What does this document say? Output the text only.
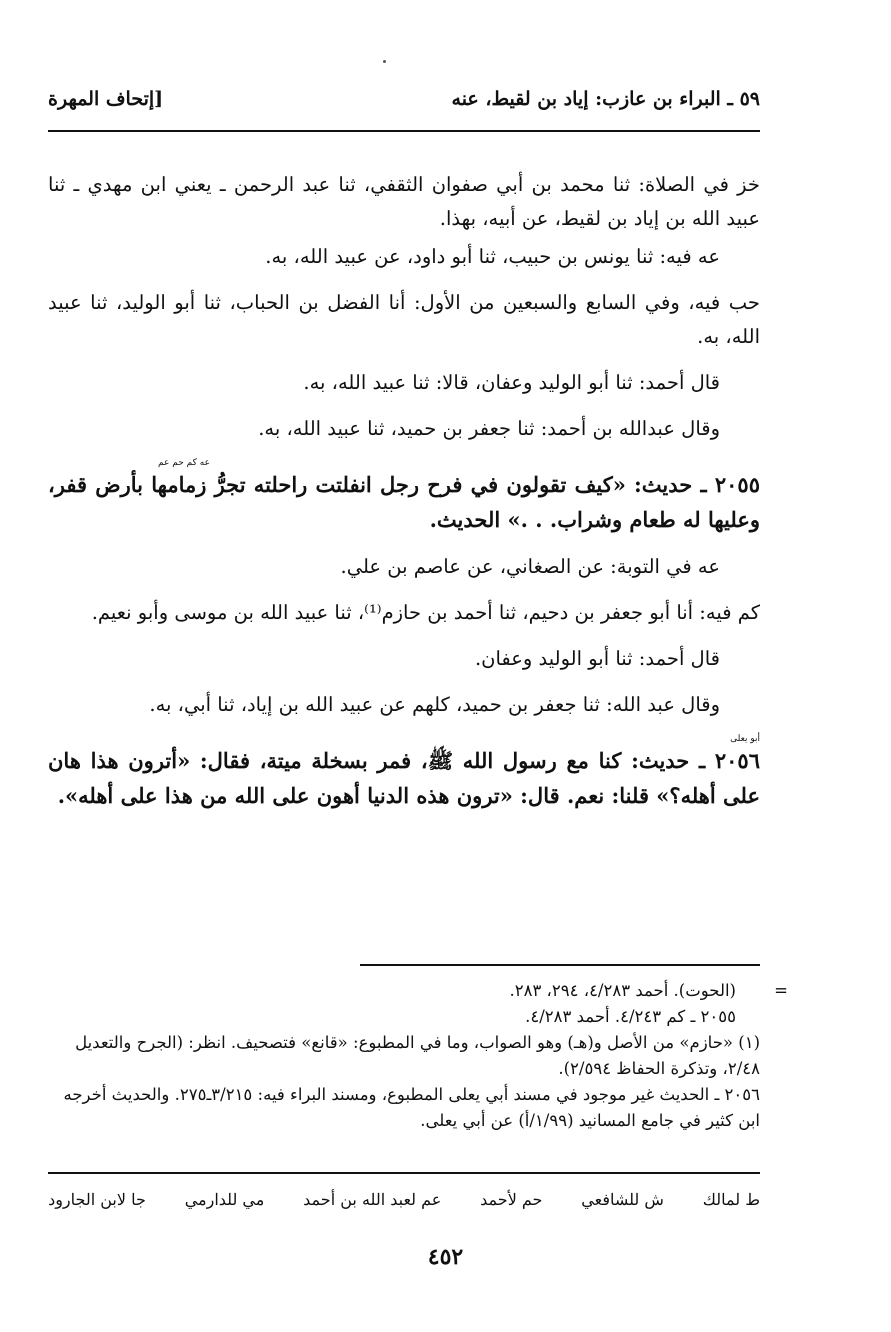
٥٩ ـ البراء بن عازب: إياد بن لقيط، عنه
[إتحاف المهرة

خز في الصلاة: ثنا محمد بن أبي صفوان الثقفي، ثنا عبد الرحمن ـ يعني ابن مهدي ـ ثنا عبيد الله بن إياد بن لقيط، عن أبيه، بهذا.

عه فيه: ثنا يونس بن حبيب، ثنا أبو داود، عن عبيد الله، به.

حب فيه، وفي السابع والسبعين من الأول: أنا الفضل بن الحباب، ثنا أبو الوليد، ثنا عبيد الله، به.

قال أحمد: ثنا أبو الوليد وعفان، قالا: ثنا عبيد الله، به.

وقال عبدالله بن أحمد: ثنا جعفر بن حميد، ثنا عبيد الله، به.

عه كم حم عم
٢٠٥٥ ـ حديث: «كيف تقولون في فرح رجل انفلتت راحلته تجرُّ زمامها بأرض قفر، وعليها له طعام وشراب. . .» الحديث.

عه في التوبة: عن الصغاني، عن عاصم بن علي.

كم فيه: أنا أبو جعفر بن دحيم، ثنا أحمد بن حازم⁽¹⁾، ثنا عبيد الله بن موسى وأبو نعيم.

قال أحمد: ثنا أبو الوليد وعفان.

وقال عبد الله: ثنا جعفر بن حميد، كلهم عن عبيد الله بن إياد، ثنا أبي، به.

أبو يعلى
٢٠٥٦ ـ حديث: كنا مع رسول الله ﷺ، فمر بسخلة ميتة، فقال: «أترون هذا هان على أهله؟» قلنا: نعم. قال: «ترون هذه الدنيا أهون على الله من هذا على أهله».
=
(الحوت). أحمد ٤/٢٨٣، ٢٩٤، ٢٨٣.

٢٠٥٥ ـ كم ٤/٢٤٣. أحمد ٤/٢٨٣.

(١) «حازم» من الأصل و(هـ) وهو الصواب، وما في المطبوع: «قانع» فتصحيف. انظر: (الجرح والتعديل ٢/٤٨، وتذكرة الحفاظ ٢/٥٩٤).

٢٠٥٦ ـ الحديث غير موجود في مسند أبي يعلى المطبوع، ومسند البراء فيه: ٣/٢١٥ـ٢٧٥. والحديث أخرجه ابن كثير في جامع المسانيد (١/٩٩/أ) عن أبي يعلى.

ط لمالك
ش للشافعي
حم لأحمد
عم لعبد الله بن أحمد
مي للدارمي
جا لابن الجارود
٤٥٢
